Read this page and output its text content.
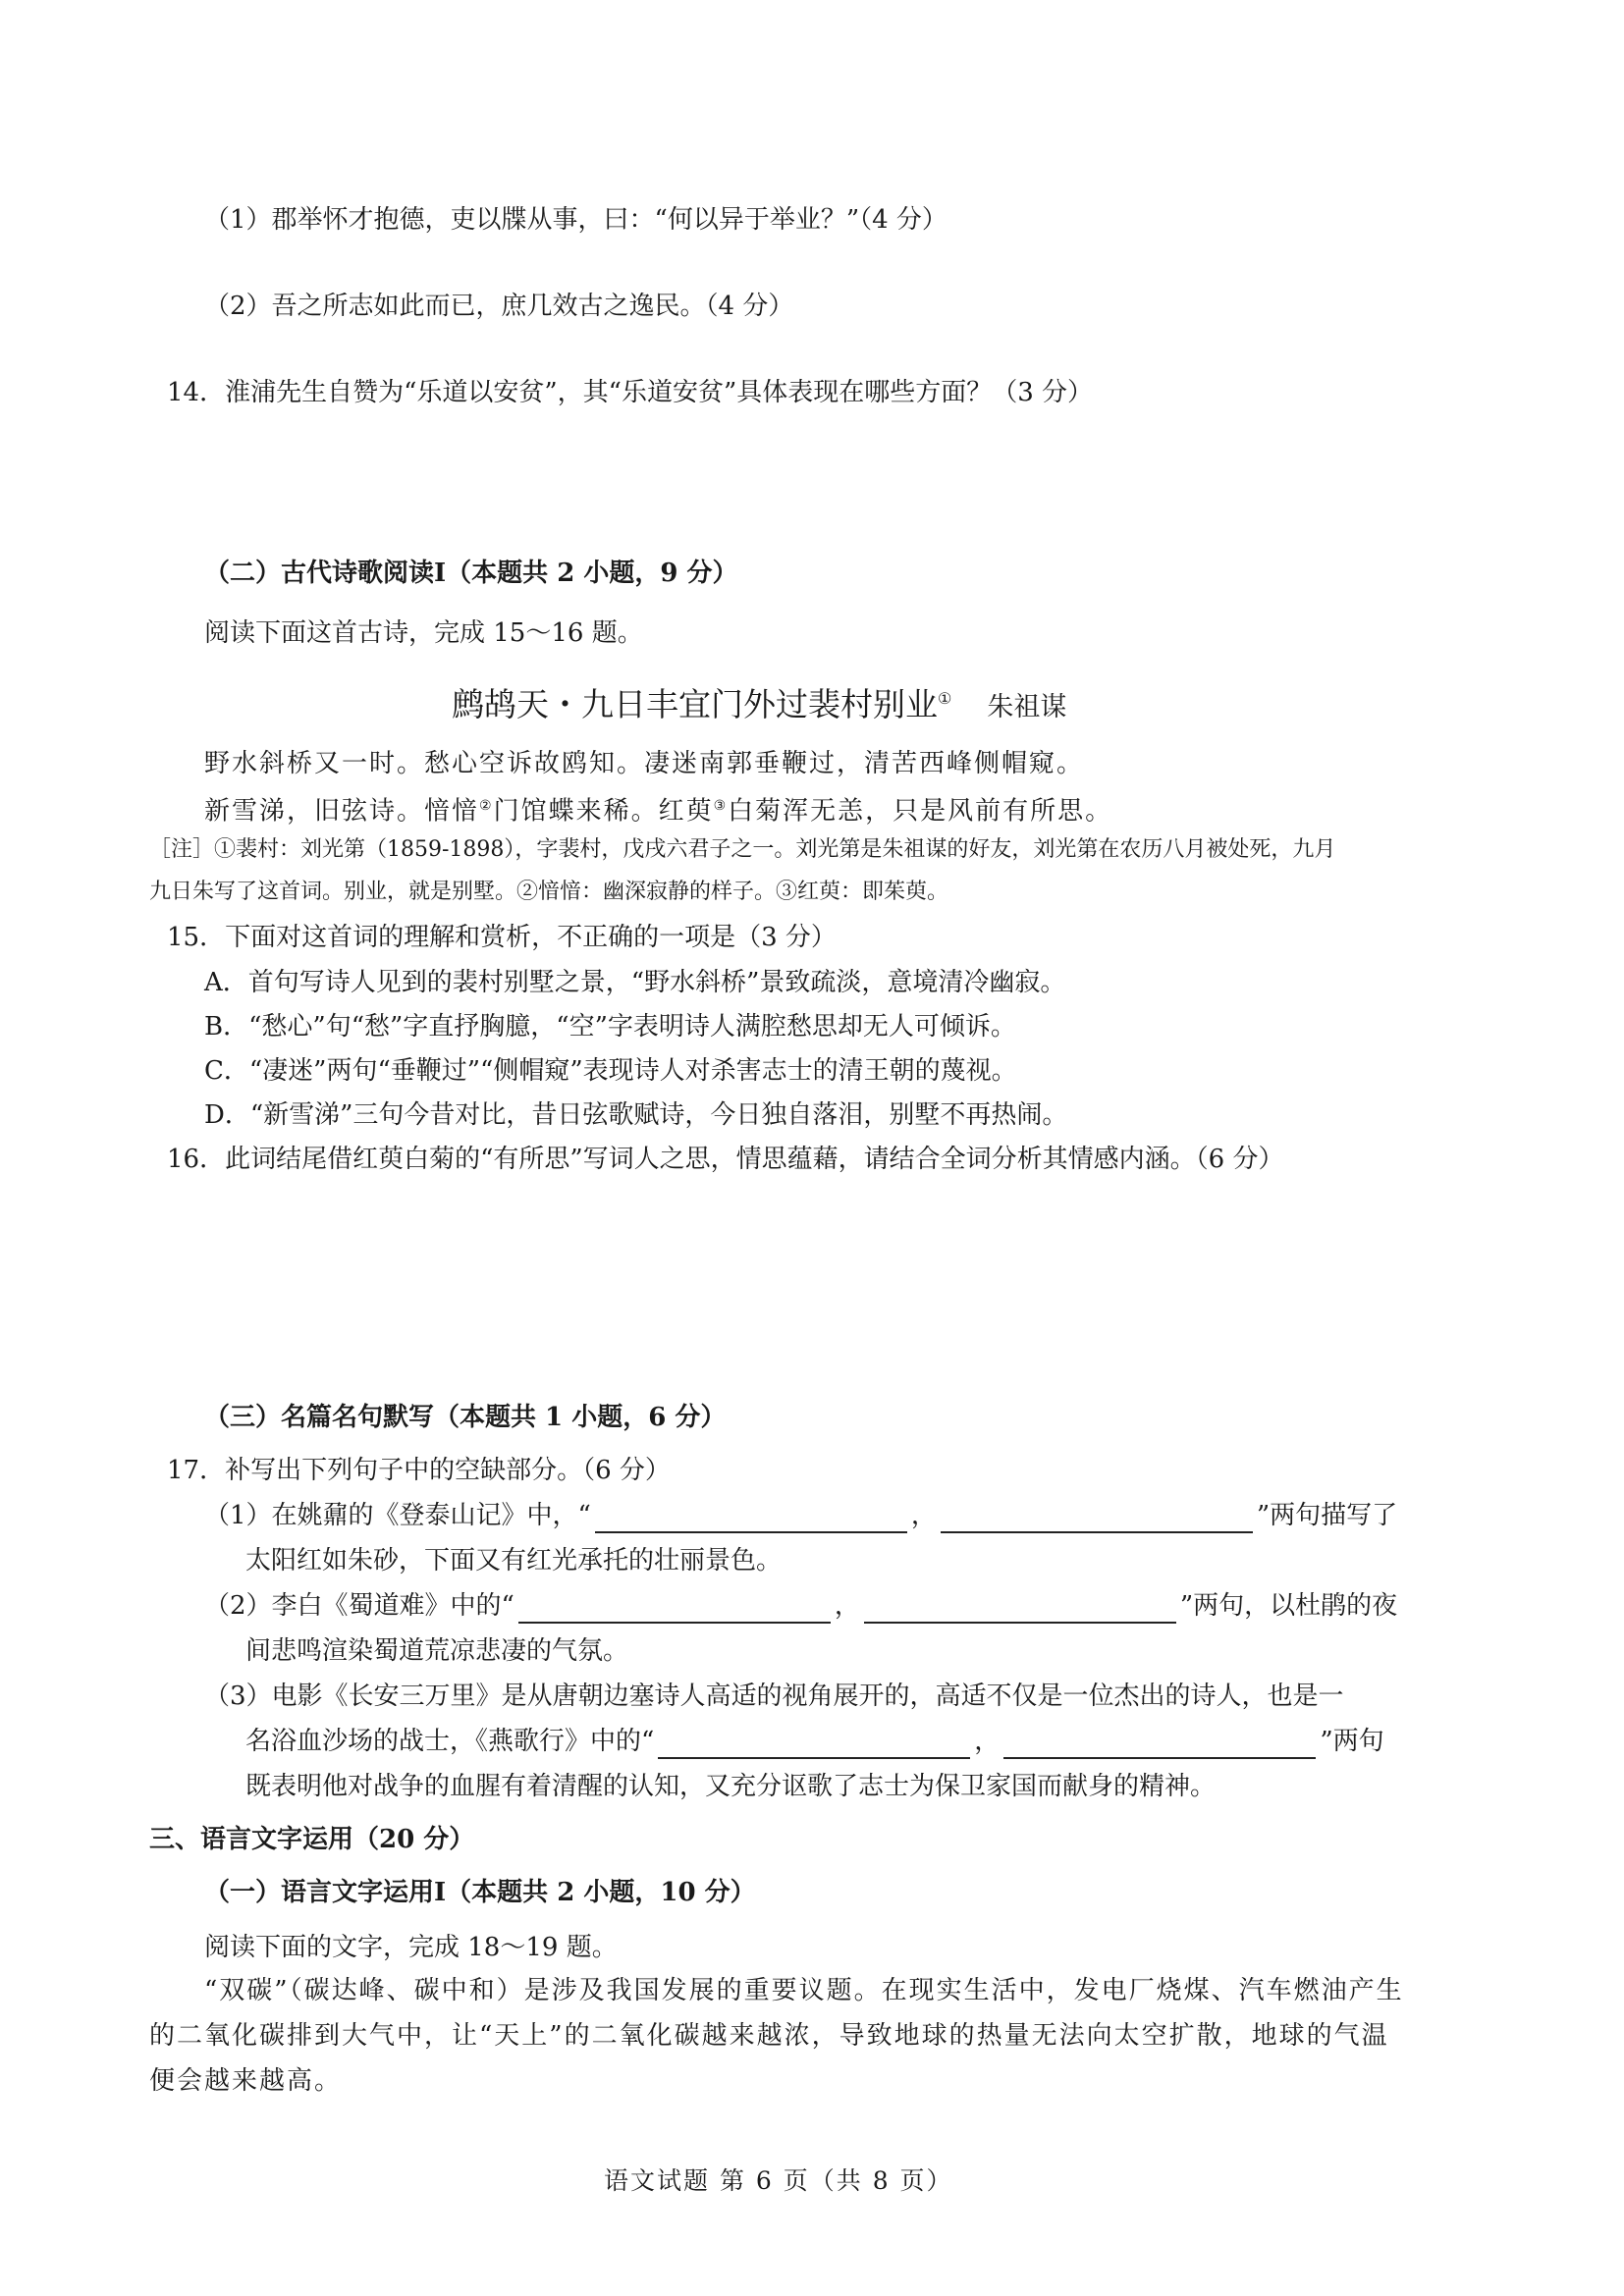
（1）郡举怀才抱德，吏以牒从事，曰：“何以异于举业？”（4 分）
（2）吾之所志如此而已，庶几效古之逸民。（4 分）
14．淮浦先生自赞为“乐道以安贫”，其“乐道安贫”具体表现在哪些方面？（3 分）
（二）古代诗歌阅读Ⅰ（本题共 2 小题，9 分）
阅读下面这首古诗，完成 15～16 题。
鹧鸪天・九日丰宜门外过裴村别业① 朱祖谋
野水斜桥又一时。愁心空诉故鸥知。凄迷南郭垂鞭过，清苦西峰侧帽窥。
新雪涕，旧弦诗。愔愔②门馆蝶来稀。红萸③白菊浑无恙，只是风前有所思。
［注］①裴村：刘光第（1859-1898），字裴村，戊戌六君子之一。刘光第是朱祖谋的好友，刘光第在农历八月被处死，九月
九日朱写了这首词。别业，就是别墅。②愔愔：幽深寂静的样子。③红萸：即茱萸。
15．下面对这首词的理解和赏析，不正确的一项是（3 分）
A．首句写诗人见到的裴村别墅之景，“野水斜桥”景致疏淡，意境清冷幽寂。
B．“愁心”句“愁”字直抒胸臆，“空”字表明诗人满腔愁思却无人可倾诉。
C．“凄迷”两句“垂鞭过”“侧帽窥”表现诗人对杀害志士的清王朝的蔑视。
D．“新雪涕”三句今昔对比，昔日弦歌赋诗，今日独自落泪，别墅不再热闹。
16．此词结尾借红萸白菊的“有所思”写词人之思，情思蕴藉，请结合全词分析其情感内涵。（6 分）
（三）名篇名句默写（本题共 1 小题，6 分）
17．补写出下列句子中的空缺部分。（6 分）
（1）在姚鼐的《登泰山记》中，“	，	”两句描写了
太阳红如朱砂，下面又有红光承托的壮丽景色。
（2）李白《蜀道难》中的“	，	”两句，以杜鹃的夜
间悲鸣渲染蜀道荒凉悲凄的气氛。
（3）电影《长安三万里》是从唐朝边塞诗人高适的视角展开的，高适不仅是一位杰出的诗人，也是一
名浴血沙场的战士，《燕歌行》中的“	，	”两句
既表明他对战争的血腥有着清醒的认知，又充分讴歌了志士为保卫家国而献身的精神。
三、语言文字运用（20 分）
（一）语言文字运用Ⅰ（本题共 2 小题，10 分）
阅读下面的文字，完成 18～19 题。
“双碳”（碳达峰、碳中和）是涉及我国发展的重要议题。在现实生活中，发电厂烧煤、汽车燃油产生
的二氧化碳排到大气中，让“天上”的二氧化碳越来越浓，导致地球的热量无法向太空扩散，地球的气温
便会越来越高。
语文试题 第 6 页（共 8 页）
